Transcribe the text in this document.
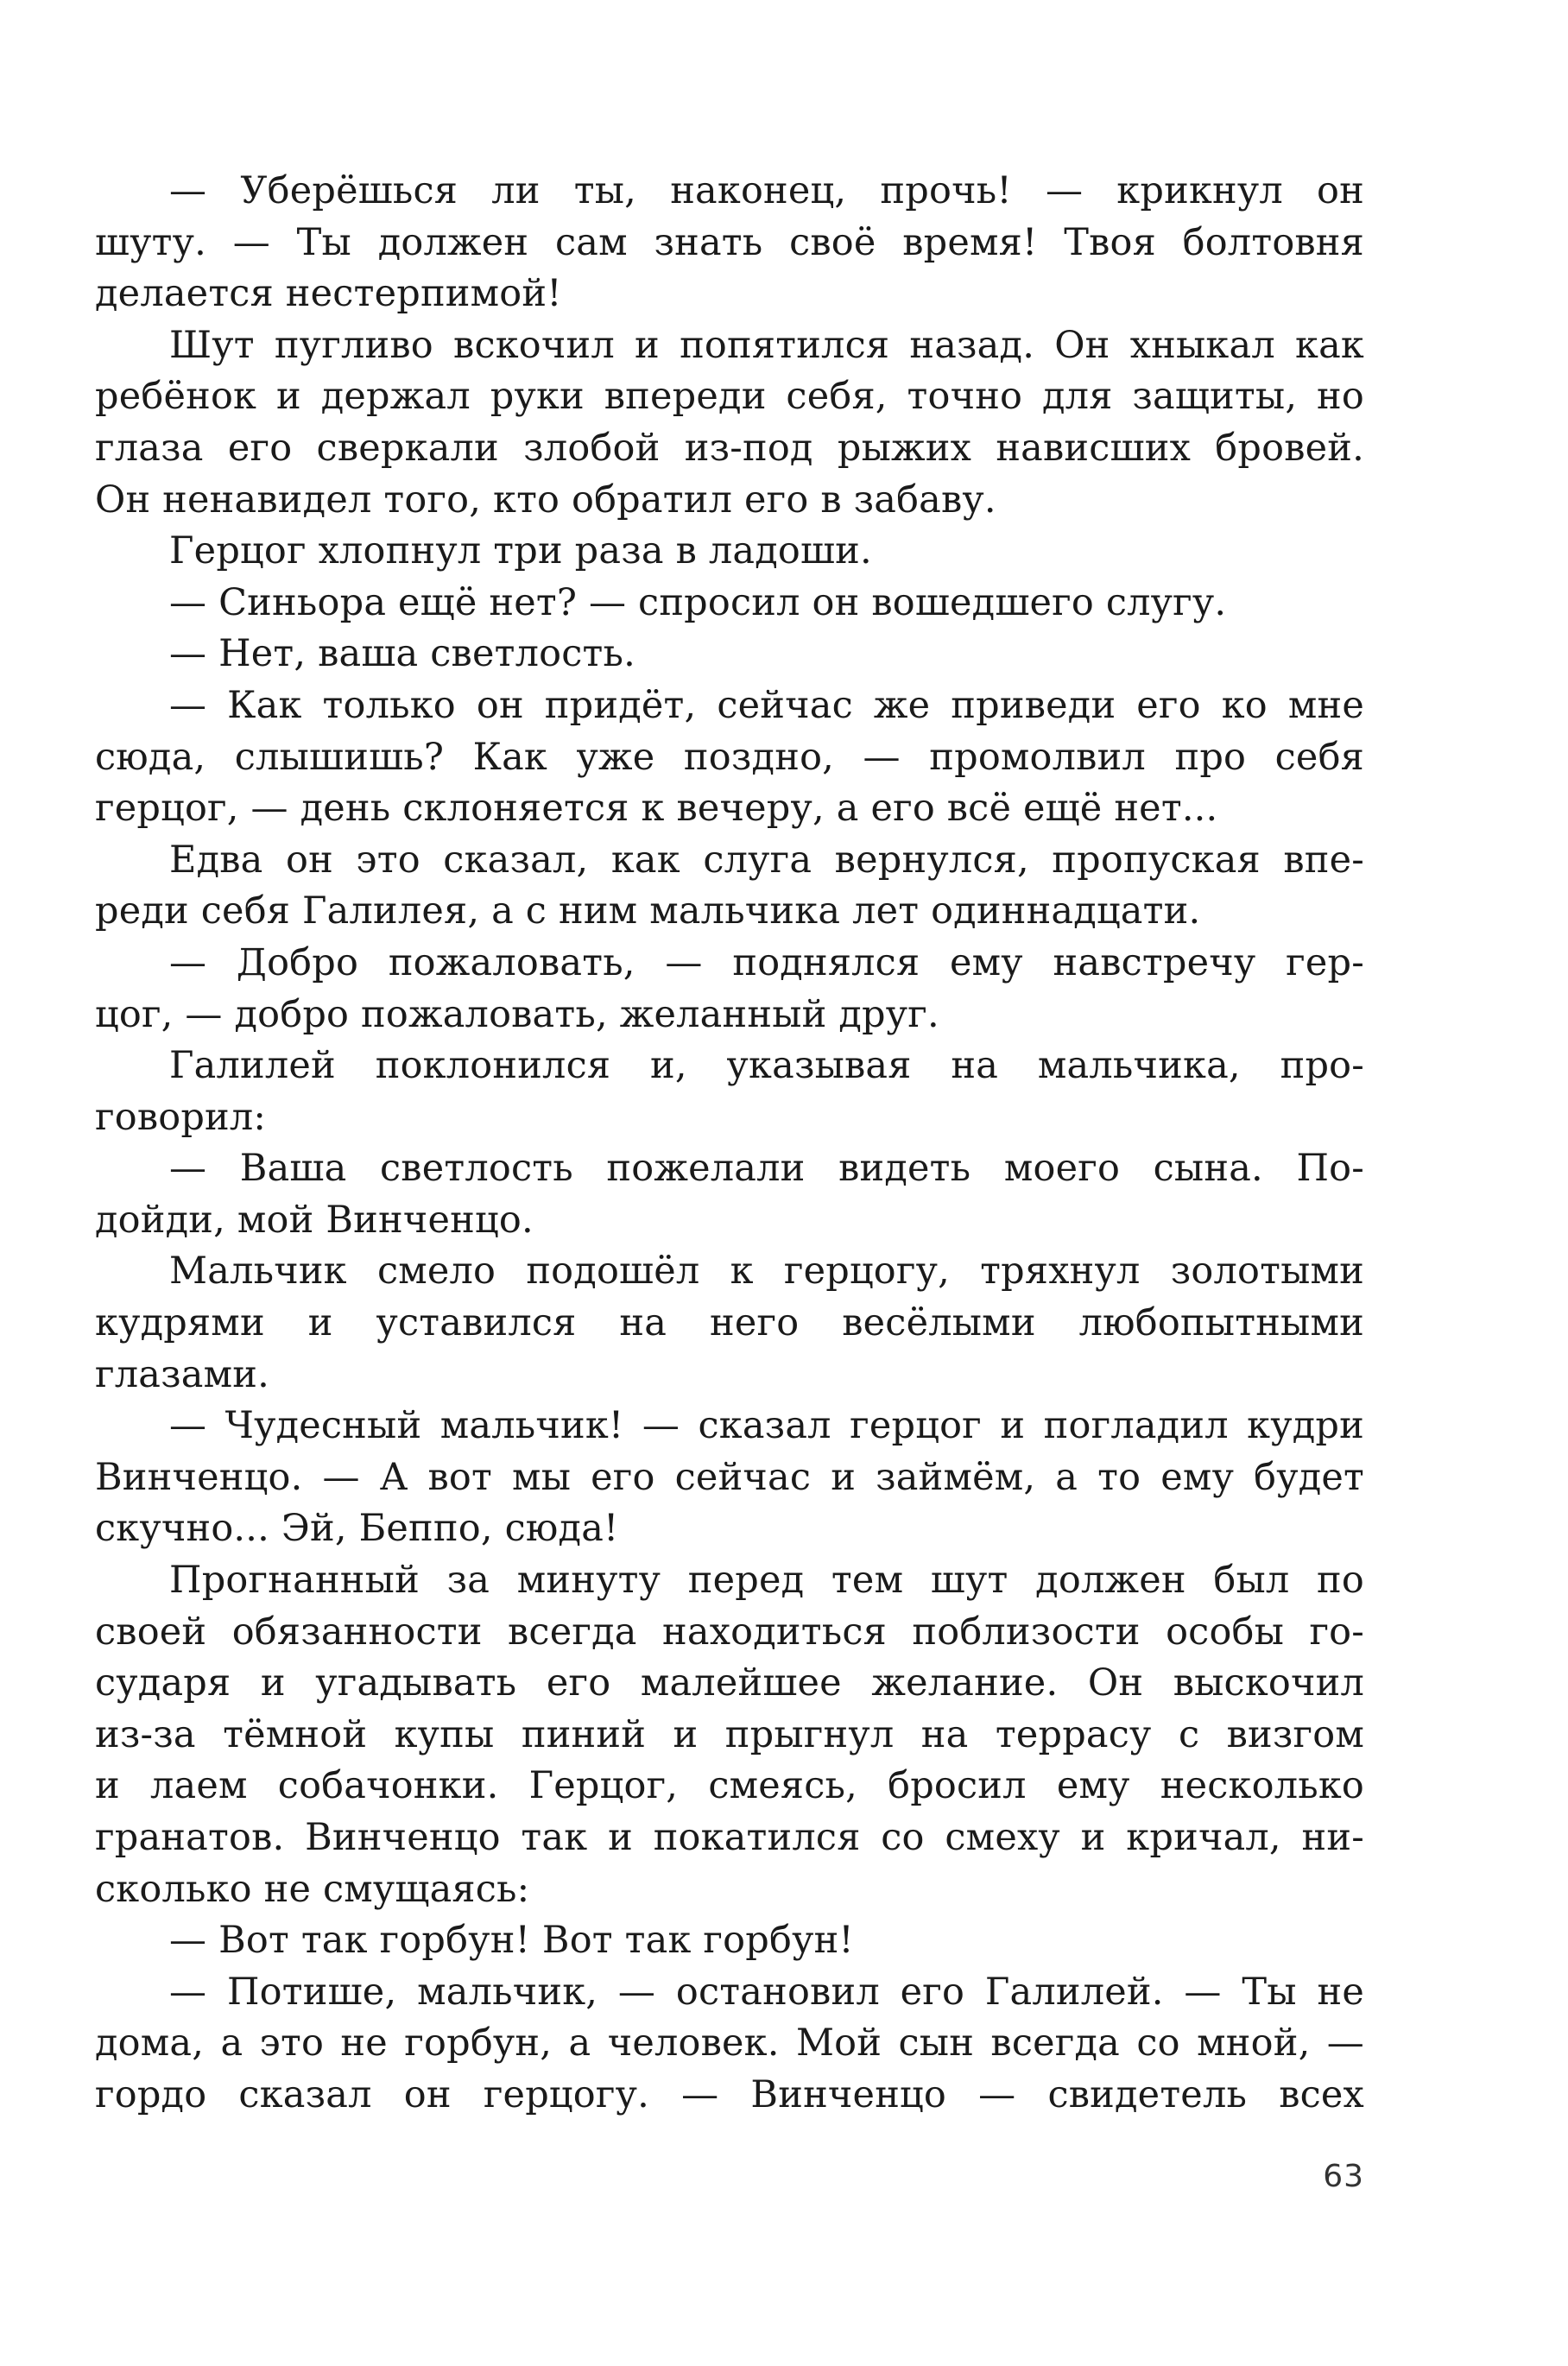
— Уберёшься ли ты, наконец, прочь! — крикнул он
шуту. — Ты должен сам знать своё время! Твоя болтовня
делается нестерпимой!
Шут пугливо вскочил и попятился назад. Он хныкал как
ребёнок и держал руки впереди себя, точно для защиты, но
глаза его сверкали злобой из-под рыжих нависших бровей.
Он ненавидел того, кто обратил его в забаву.
Герцог хлопнул три раза в ладоши.
— Синьора ещё нет? — спросил он вошедшего слугу.
— Нет, ваша светлость.
— Как только он придёт, сейчас же приведи его ко мне
сюда, слышишь? Как уже поздно, — промолвил про себя
герцог, — день склоняется к вечеру, а его всё ещё нет...
Едва он это сказал, как слуга вернулся, пропуская впе-
реди себя Галилея, а с ним мальчика лет одиннадцати.
— Добро пожаловать, — поднялся ему навстречу гер-
цог, — добро пожаловать, желанный друг.
Галилей поклонился и, указывая на мальчика, про-
говорил:
— Ваша светлость пожелали видеть моего сына. По-
дойди, мой Винченцо.
Мальчик смело подошёл к герцогу, тряхнул золотыми
кудрями и уставился на него весёлыми любопытными
глазами.
— Чудесный мальчик! — сказал герцог и погладил кудри
Винченцо. — А вот мы его сейчас и займём, а то ему будет
скучно... Эй, Беппо, сюда!
Прогнанный за минуту перед тем шут должен был по
своей обязанности всегда находиться поблизости особы го-
сударя и угадывать его малейшее желание. Он выскочил
из-за тёмной купы пиний и прыгнул на террасу с визгом
и лаем собачонки. Герцог, смеясь, бросил ему несколько
гранатов. Винченцо так и покатился со смеху и кричал, ни-
сколько не смущаясь:
— Вот так горбун! Вот так горбун!
— Потише, мальчик, — остановил его Галилей. — Ты не
дома, а это не горбун, а человек. Мой сын всегда со мной, —
гордо сказал он герцогу. — Винченцо — свидетель всех
63
